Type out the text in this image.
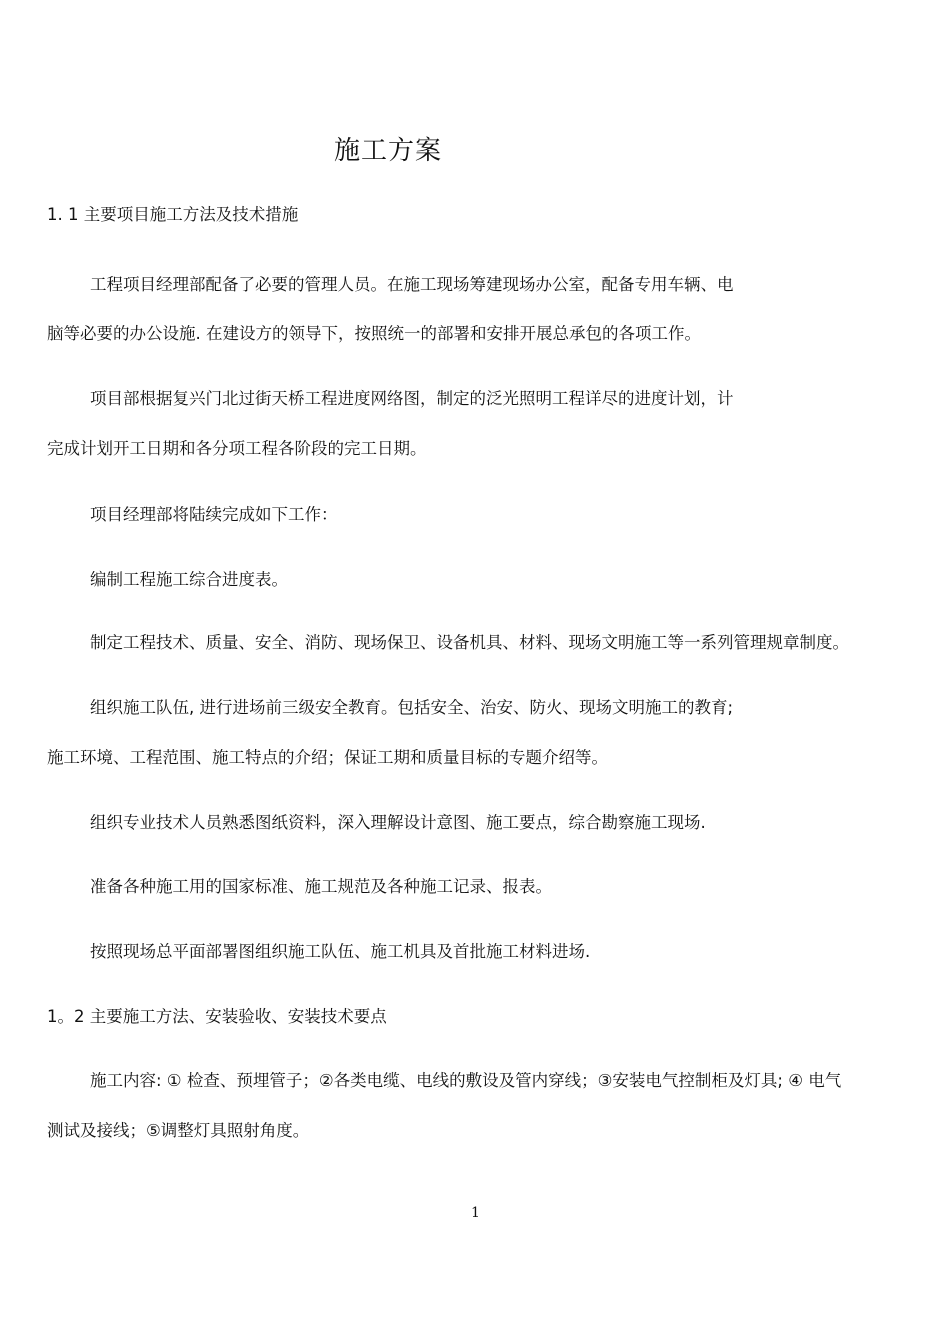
施工方案
1. 1 主要项目施工方法及技术措施
工程项目经理部配备了必要的管理人员。在施工现场筹建现场办公室，配备专用车辆、电
脑等必要的办公设施. 在建设方的领导下，按照统一的部署和安排开展总承包的各项工作。
项目部根据复兴门北过街天桥工程进度网络图，制定的泛光照明工程详尽的进度计划，计
完成计划开工日期和各分项工程各阶段的完工日期。
项目经理部将陆续完成如下工作：
编制工程施工综合进度表。
制定工程技术、质量、安全、消防、现场保卫、设备机具、材料、现场文明施工等一系列管理规章制度。
组织施工队伍, 进行进场前三级安全教育。包括安全、治安、防火、现场文明施工的教育;
施工环境、工程范围、施工特点的介绍；保证工期和质量目标的专题介绍等。
组织专业技术人员熟悉图纸资料，深入理解设计意图、施工要点，综合勘察施工现场.
准备各种施工用的国家标准、施工规范及各种施工记录、报表。
按照现场总平面部署图组织施工队伍、施工机具及首批施工材料进场.
1。2 主要施工方法、安装验收、安装技术要点
施工内容: ① 检查、预埋管子；②各类电缆、电线的敷设及管内穿线；③安装电气控制柜及灯具; ④ 电气
测试及接线；⑤调整灯具照射角度。
1
